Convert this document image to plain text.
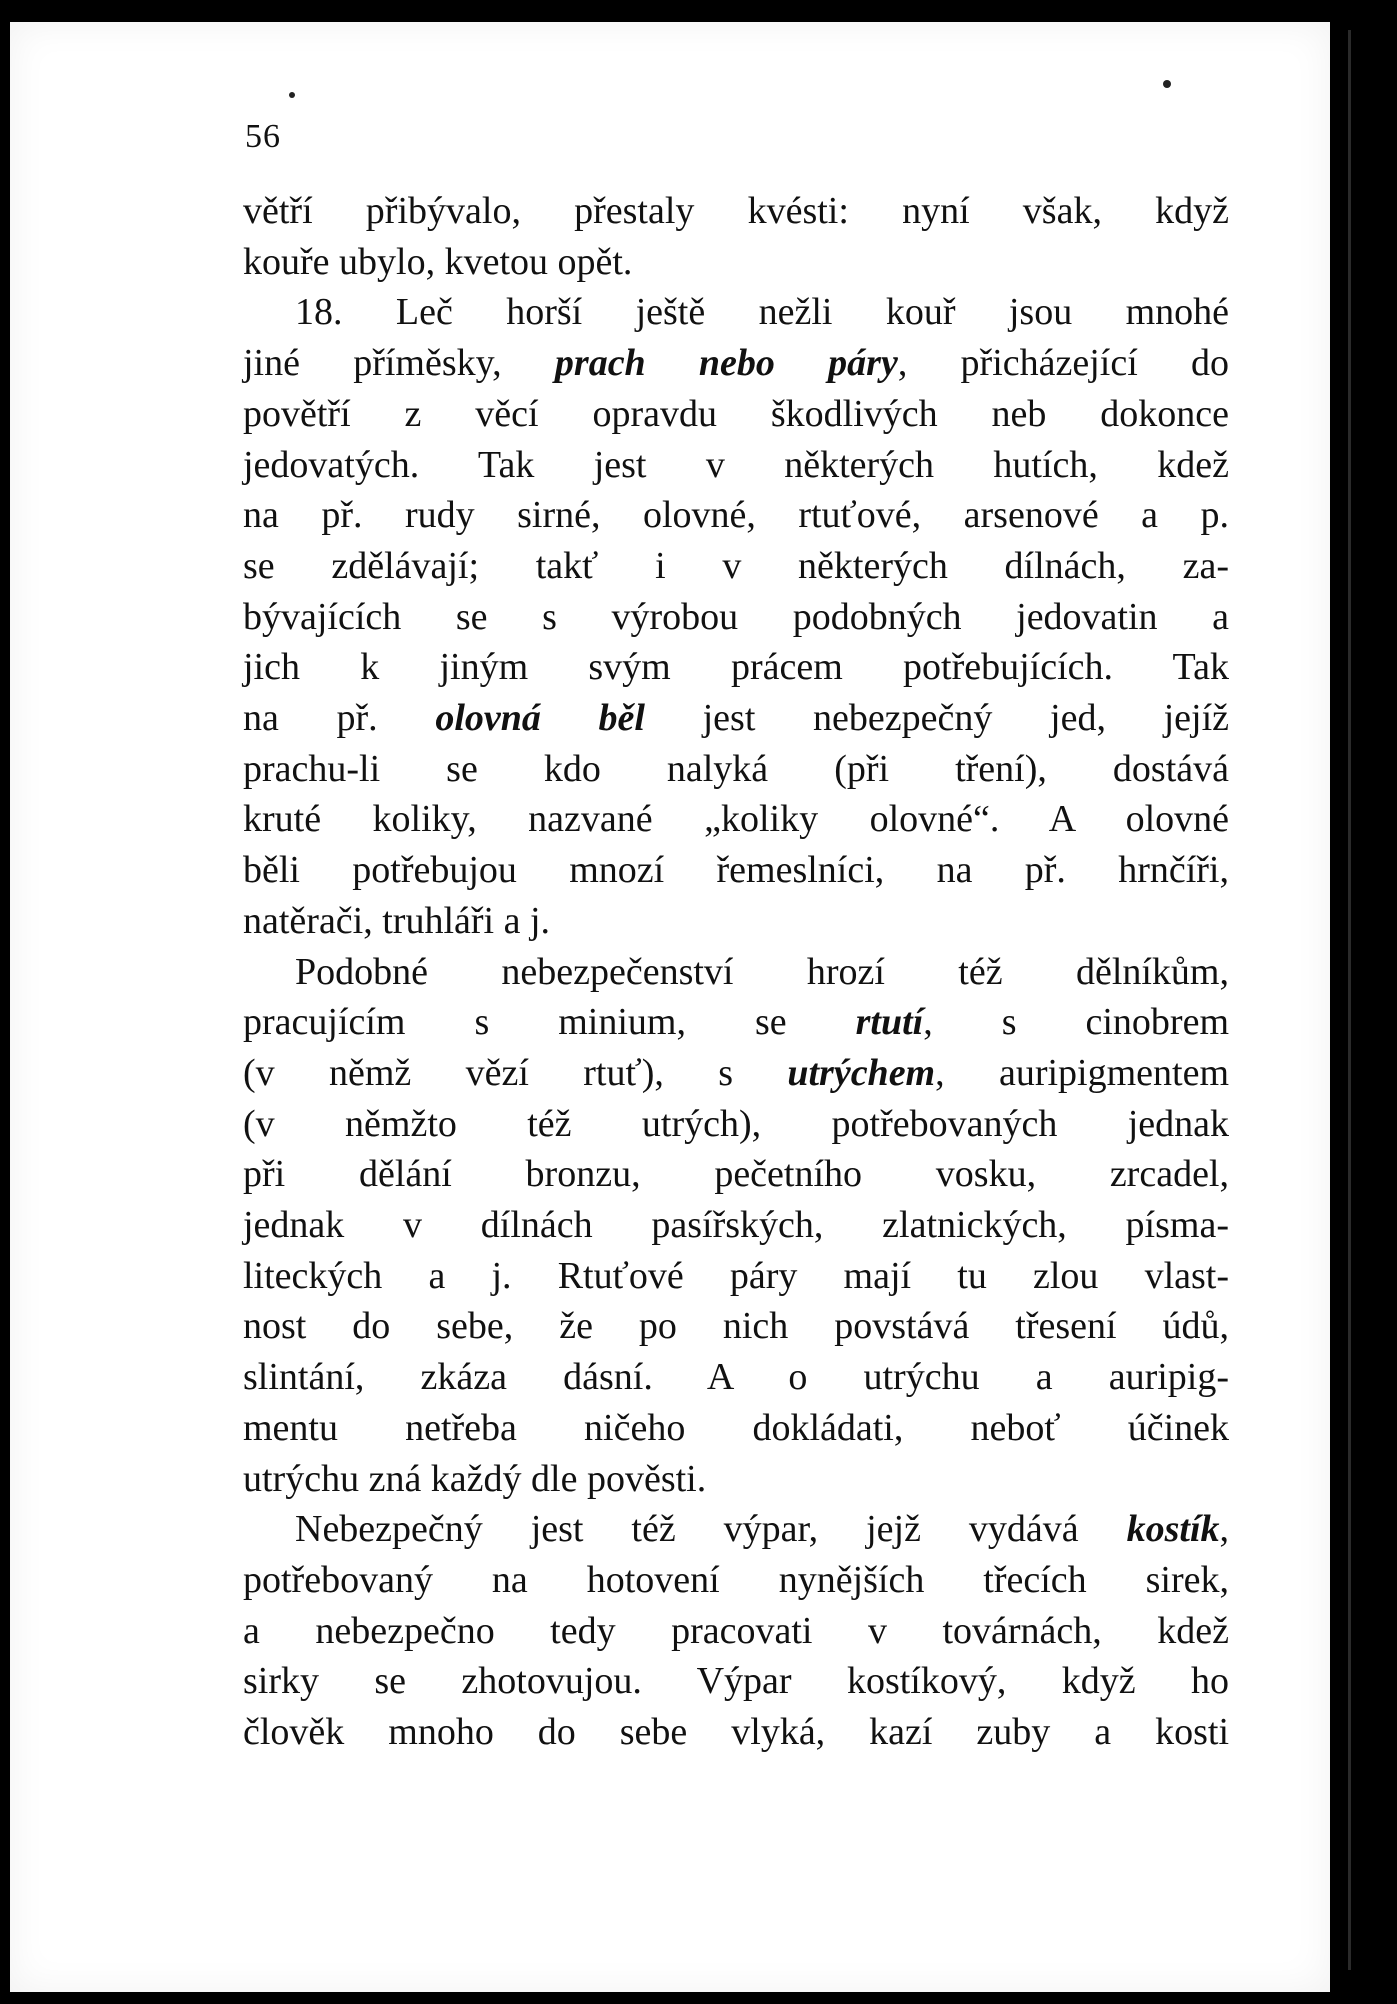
56
větří přibývalo, přestaly kvésti: nyní však, když
kouře ubylo, kvetou opět.
18. Leč horší ještě nežli kouř jsou mnohé
jiné příměsky, prach nebo páry, přicházející do
povětří z věcí opravdu škodlivých neb dokonce
jedovatých. Tak jest v některých hutích, kdež
na př. rudy sirné, olovné, rtuťové, arsenové a p.
se zdělávají; takť i v některých dílnách, za-
bývajících se s výrobou podobných jedovatin a
jich k jiným svým prácem potřebujících. Tak
na př. olovná běl jest nebezpečný jed, jejíž
prachu-li se kdo nalyká (při tření), dostává
kruté koliky, nazvané „koliky olovné“. A olovné
běli potřebujou mnozí řemeslníci, na př. hrnčíři,
natěrači, truhláři a j.
Podobné nebezpečenství hrozí též dělníkům,
pracujícím s minium, se rtutí, s cinobrem
(v němž vězí rtuť), s utrýchem, auripigmentem
(v němžto též utrých), potřebovaných jednak
při dělání bronzu, pečetního vosku, zrcadel,
jednak v dílnách pasířských, zlatnických, písma-
liteckých a j. Rtuťové páry mají tu zlou vlast-
nost do sebe, že po nich povstává třesení údů,
slintání, zkáza dásní. A o utrýchu a auripig-
mentu netřeba ničeho dokládati, neboť účinek
utrýchu zná každý dle pověsti.
Nebezpečný jest též výpar, jejž vydává kostík,
potřebovaný na hotovení nynějších třecích sirek,
a nebezpečno tedy pracovati v továrnách, kdež
sirky se zhotovujou. Výpar kostíkový, když ho
člověk mnoho do sebe vlyká, kazí zuby a kosti
